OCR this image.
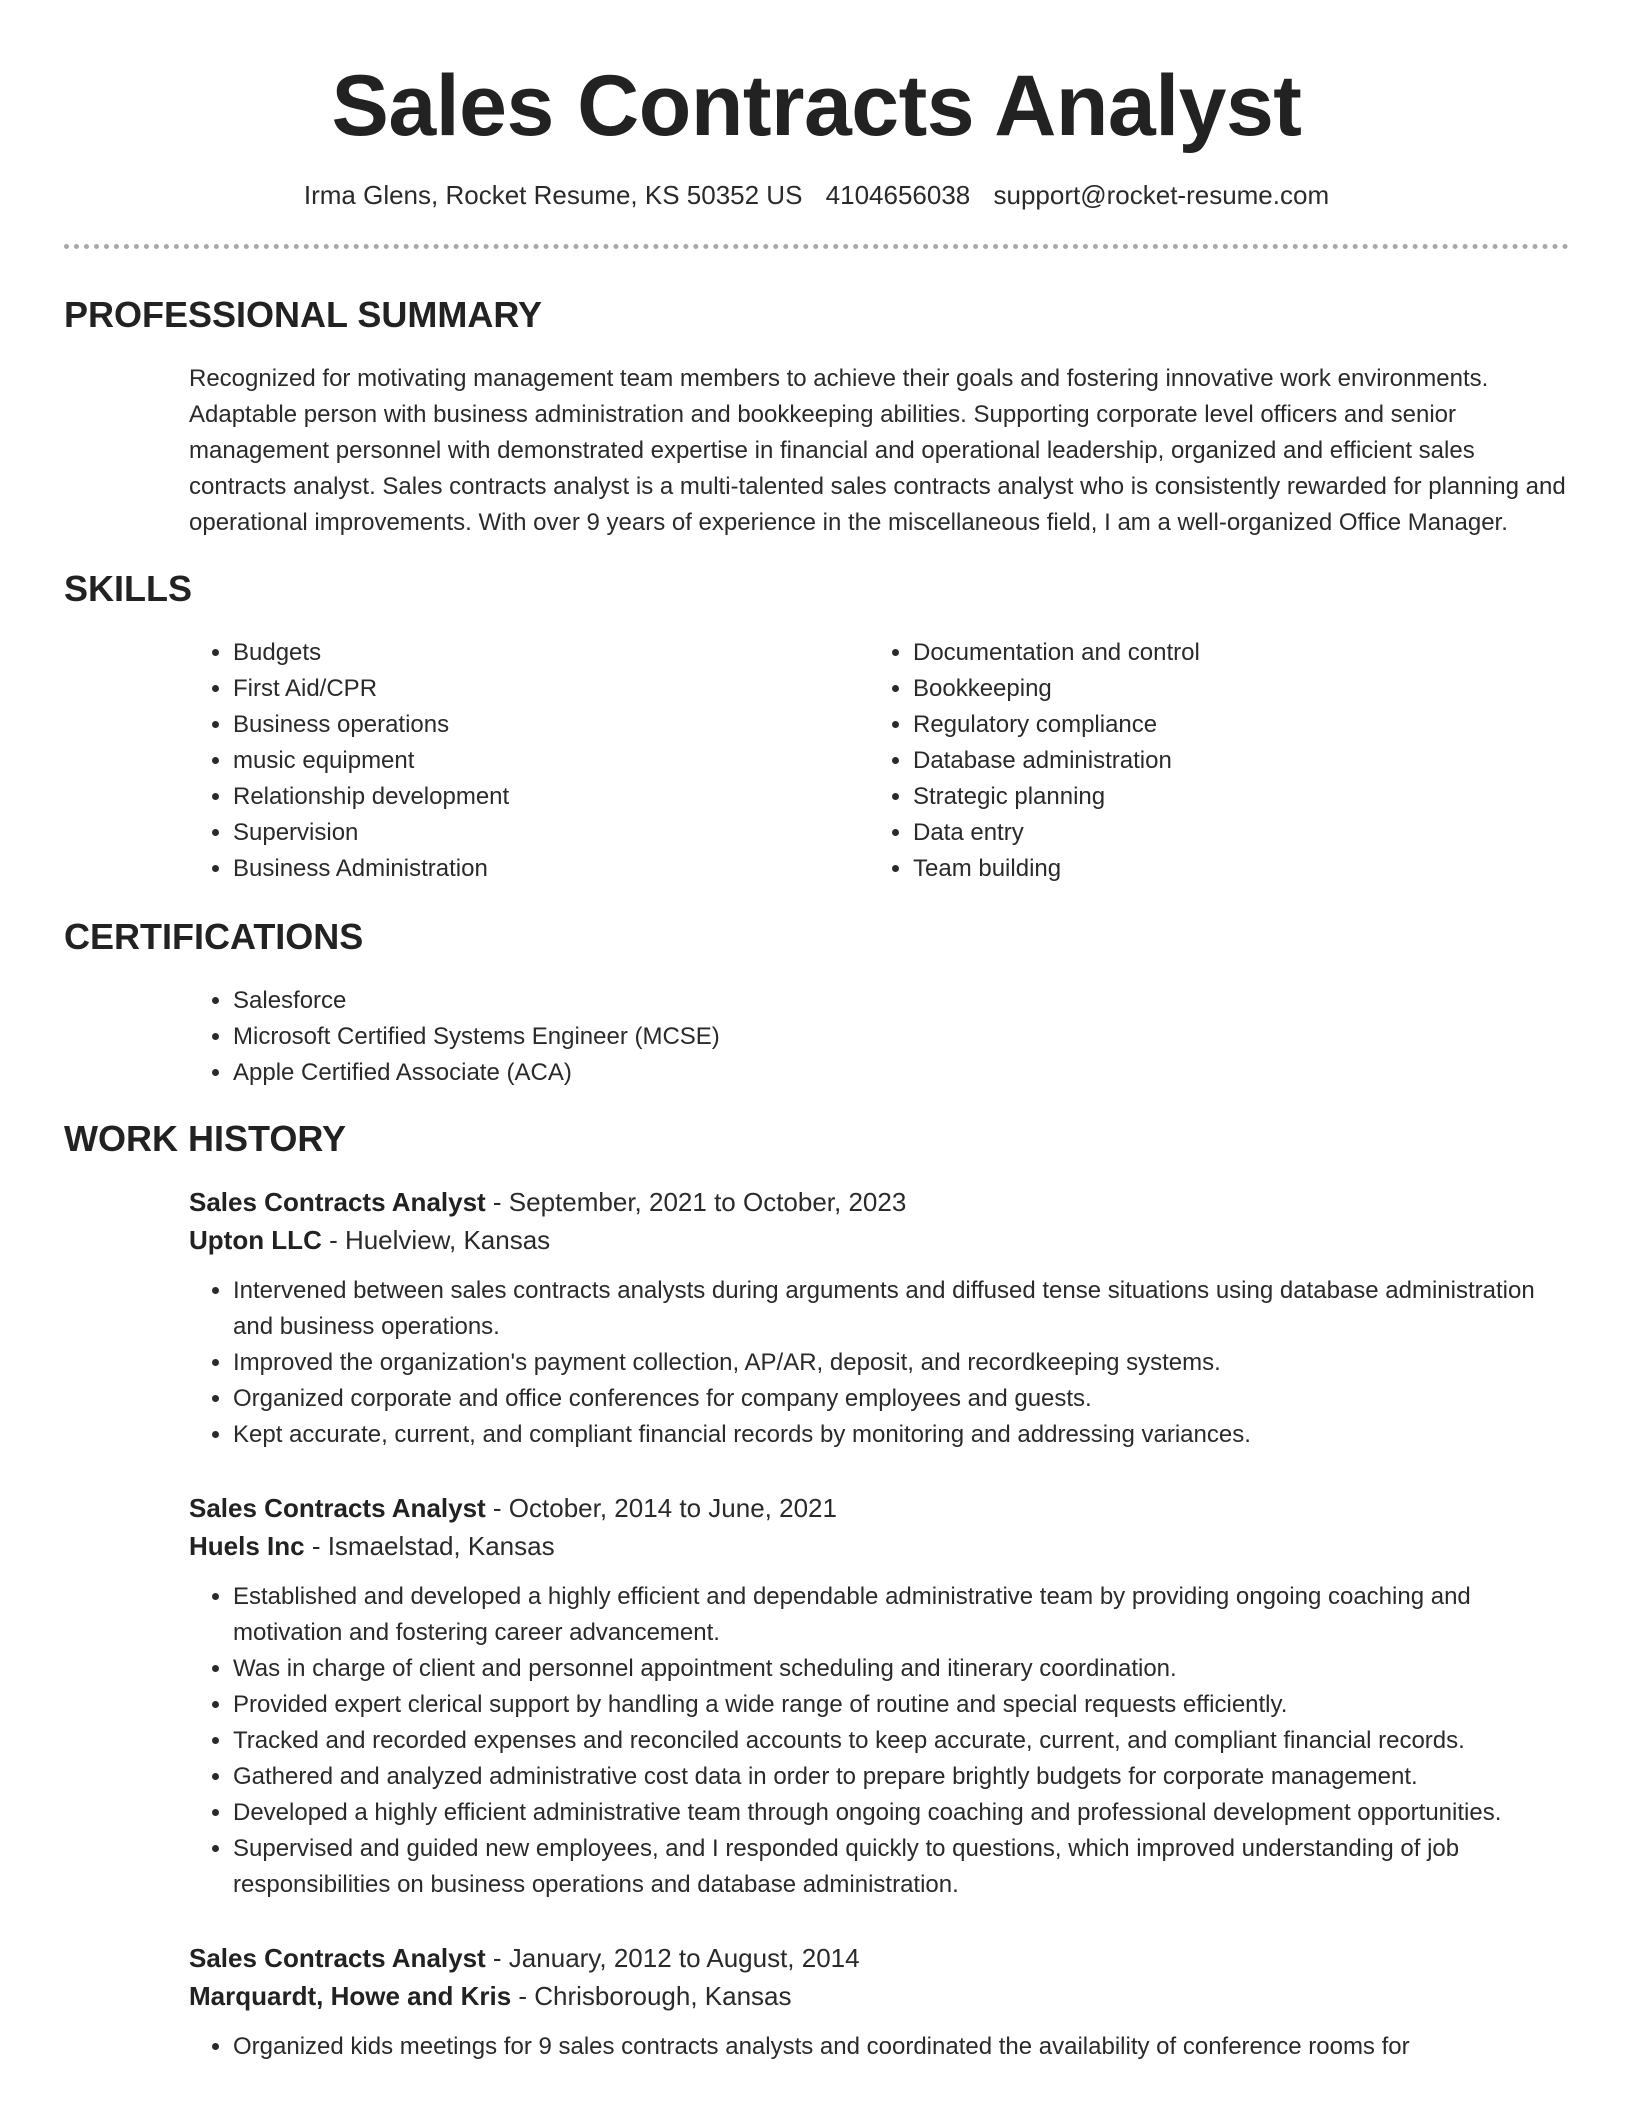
Sales Contracts Analyst
Irma Glens, Rocket Resume, KS 50352 US 4104656038 support@rocket-resume.com
PROFESSIONAL SUMMARY
Recognized for motivating management team members to achieve their goals and fostering innovative work environments. Adaptable person with business administration and bookkeeping abilities. Supporting corporate level officers and senior management personnel with demonstrated expertise in financial and operational leadership, organized and efficient sales contracts analyst. Sales contracts analyst is a multi-talented sales contracts analyst who is consistently rewarded for planning and operational improvements. With over 9 years of experience in the miscellaneous field, I am a well-organized Office Manager.
SKILLS
• Budgets
• First Aid/CPR
• Business operations
• music equipment
• Relationship development
• Supervision
• Business Administration
• Documentation and control
• Bookkeeping
• Regulatory compliance
• Database administration
• Strategic planning
• Data entry
• Team building
CERTIFICATIONS
• Salesforce
• Microsoft Certified Systems Engineer (MCSE)
• Apple Certified Associate (ACA)
WORK HISTORY
Sales Contracts Analyst - September, 2021 to October, 2023
Upton LLC - Huelview, Kansas
• Intervened between sales contracts analysts during arguments and diffused tense situations using database administration and business operations.
• Improved the organization's payment collection, AP/AR, deposit, and recordkeeping systems.
• Organized corporate and office conferences for company employees and guests.
• Kept accurate, current, and compliant financial records by monitoring and addressing variances.
Sales Contracts Analyst - October, 2014 to June, 2021
Huels Inc - Ismaelstad, Kansas
• Established and developed a highly efficient and dependable administrative team by providing ongoing coaching and motivation and fostering career advancement.
• Was in charge of client and personnel appointment scheduling and itinerary coordination.
• Provided expert clerical support by handling a wide range of routine and special requests efficiently.
• Tracked and recorded expenses and reconciled accounts to keep accurate, current, and compliant financial records.
• Gathered and analyzed administrative cost data in order to prepare brightly budgets for corporate management.
• Developed a highly efficient administrative team through ongoing coaching and professional development opportunities.
• Supervised and guided new employees, and I responded quickly to questions, which improved understanding of job responsibilities on business operations and database administration.
Sales Contracts Analyst - January, 2012 to August, 2014
Marquardt, Howe and Kris - Chrisborough, Kansas
• Organized kids meetings for 9 sales contracts analysts and coordinated the availability of conference rooms for
